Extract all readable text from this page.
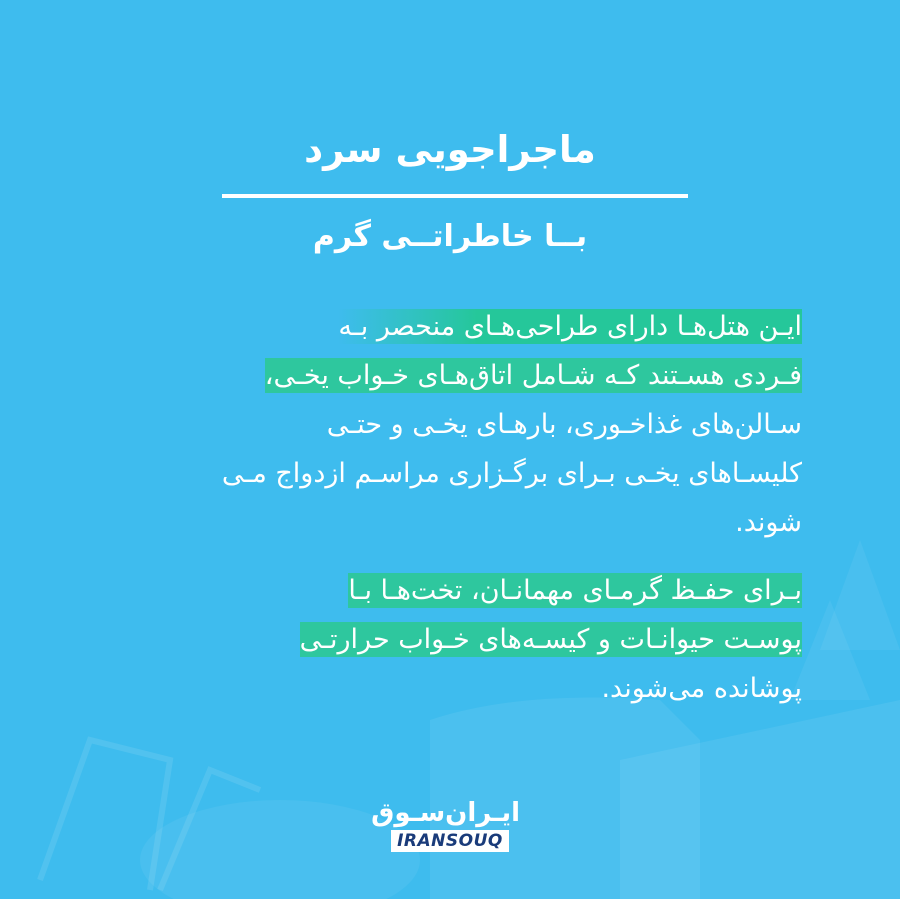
ماجراجویی سرد
بــا خاطراتــی گرم
ایـن هتل‌هـا دارای طراحی‌هـای منحصر بـه
فـردی هسـتند کـه شـامل اتاق‌هـای خـواب یخـی،
سـالن‌های غذاخـوری، بارهـای یخـی و حتـی
کلیسـاهای یخـی بـرای برگـزاری مراسـم ازدواج مـی
شوند.
بـرای حفـظ گرمـای مهمانـان، تخت‌هـا بـا
پوسـت حیوانـات و کیسـه‌های خـواب حرارتـی
پوشانده می‌شوند.
ایـران‌سـوق
IRANSOUQ
